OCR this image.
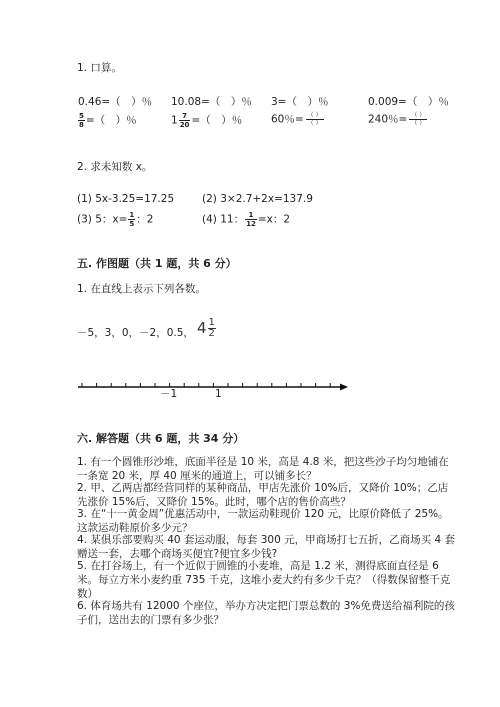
1. 口算。
0.46=（　）％ 10.08=（　）％ 3=（　）％	0.009=（　）％
$\frac{5}{8}$ =（　）％	$1 \frac{7}{20}$ =（　）％	60％= $\frac{( )}{( )}$	240％= $\frac{( )}{( )}$
2. 求未知数 x。
(1) 5x-3.25=17.25	(2) 3×2.7+2x=137.9
(3) 5：$x= \frac{1}{5}$ ：2	(4) 11： $\frac{1}{12} =x$：2
五. 作图题（共 1 题，共 6 分）
1. 在直线上表示下列各数。
－5，3，0，－2，0.5， $4 \frac{1}{2}$
－1	1
六. 解答题（共 6 题，共 34 分）
1. 有一个圆锥形沙堆，底面半径是 10 米，高是 4.8 米，把这些沙子均匀地铺在一条宽 20 米，厚 40 厘米的通道上，可以铺多长？
2. 甲、乙两店都经营同样的某种商品，甲店先涨价 10%后，又降价 10%；乙店先涨价 15%后，又降价 15%。此时，哪个店的售价高些？
3. 在“十一黄金周”优惠活动中，一款运动鞋现价 120 元，比原价降低了 25%。这款运动鞋原价多少元？
4. 某俱乐部要购买 40 套运动服，每套 300 元，甲商场打七五折，乙商场买 4 套赠送一套，去哪个商场买便宜?便宜多少钱?
5. 在打谷场上，有一个近似于圆锥的小麦堆，高是 1.2 米，测得底面直径是 6 米。每立方米小麦约重 735 千克，这堆小麦大约有多少千克？（得数保留整千克数）
6. 体育场共有 12000 个座位，举办方决定把门票总数的 3%免费送给福利院的孩子们，送出去的门票有多少张？
